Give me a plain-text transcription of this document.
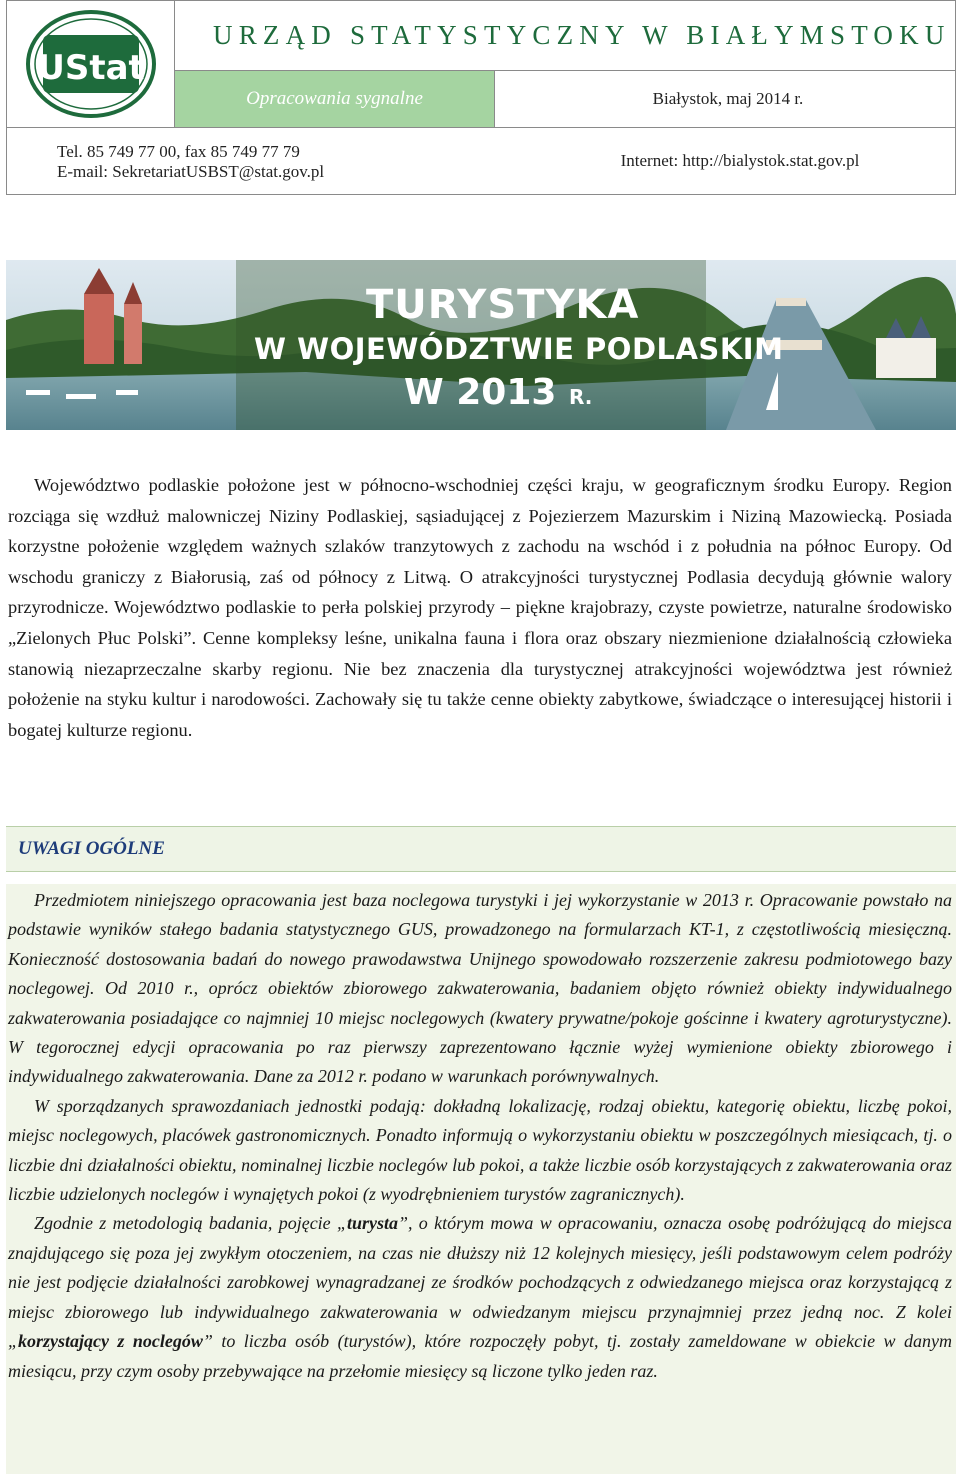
UStat
URZĄD STATYSTYCZNY W BIAŁYMSTOKU
Opracowania sygnalne	Białystok, maj 2014 r.
Tel. 85 749 77 00, fax 85 749 77 79
E-mail: SekretariatUSBST@stat.gov.pl
Internet: http://bialystok.stat.gov.pl
TURYSTYKA
W WOJEWÓDZTWIE PODLASKIM
W 2013 R.

Województwo podlaskie położone jest w północno-wschodniej części kraju, w geograficznym środku Europy. Region rozciąga się wzdłuż malowniczej Niziny Podlaskiej, sąsiadującej z Pojezierzem Mazurskim i Niziną Mazowiecką. Posiada korzystne położenie względem ważnych szlaków tranzytowych z zachodu na wschód i z południa na północ Europy. Od wschodu graniczy z Białorusią, zaś od północy z Litwą. O atrakcyjności turystycznej Podlasia decydują głównie walory przyrodnicze. Województwo podlaskie to perła polskiej przyrody – piękne krajobrazy, czyste powietrze, naturalne środowisko „Zielonych Płuc Polski”. Cenne kompleksy leśne, unikalna fauna i flora oraz obszary niezmienione działalnością człowieka stanowią niezaprzeczalne skarby regionu. Nie bez znaczenia dla turystycznej atrakcyjności województwa jest również położenie na styku kultur i narodowości. Zachowały się tu także cenne obiekty zabytkowe, świadczące o interesującej historii i bogatej kulturze regionu.

UWAGI OGÓLNE

Przedmiotem niniejszego opracowania jest baza noclegowa turystyki i jej wykorzystanie w 2013 r. Opracowanie powstało na podstawie wyników stałego badania statystycznego GUS, prowadzonego na formularzach KT-1, z częstotliwością miesięczną. Konieczność dostosowania badań do nowego prawodawstwa Unijnego spowodowało rozszerzenie zakresu podmiotowego bazy noclegowej. Od 2010 r., oprócz obiektów zbiorowego zakwaterowania, badaniem objęto również obiekty indywidualnego zakwaterowania posiadające co najmniej 10 miejsc noclegowych (kwatery prywatne/pokoje gościnne i kwatery agroturystyczne). W tegorocznej edycji opracowania po raz pierwszy zaprezentowano łącznie wyżej wymienione obiekty zbiorowego i indywidualnego zakwaterowania. Dane za 2012 r. podano w warunkach porównywalnych.

W sporządzanych sprawozdaniach jednostki podają: dokładną lokalizację, rodzaj obiektu, kategorię obiektu, liczbę pokoi, miejsc noclegowych, placówek gastronomicznych. Ponadto informują o wykorzystaniu obiektu w poszczególnych miesiącach, tj. o liczbie dni działalności obiektu, nominalnej liczbie noclegów lub pokoi, a także liczbie osób korzystających z zakwaterowania oraz liczbie udzielonych noclegów i wynajętych pokoi (z wyodrębnieniem turystów zagranicznych).

Zgodnie z metodologią badania, pojęcie „turysta”, o którym mowa w opracowaniu, oznacza osobę podróżującą do miejsca znajdującego się poza jej zwykłym otoczeniem, na czas nie dłuższy niż 12 kolejnych miesięcy, jeśli podstawowym celem podróży nie jest podjęcie działalności zarobkowej wynagradzanej ze środków pochodzących z odwiedzanego miejsca oraz korzystającą z miejsc zbiorowego lub indywidualnego zakwaterowania w odwiedzanym miejscu przynajmniej przez jedną noc. Z kolei „korzystający z noclegów” to liczba osób (turystów), które rozpoczęły pobyt, tj. zostały zameldowane w obiekcie w danym miesiącu, przy czym osoby przebywające na przełomie miesięcy są liczone tylko jeden raz.
